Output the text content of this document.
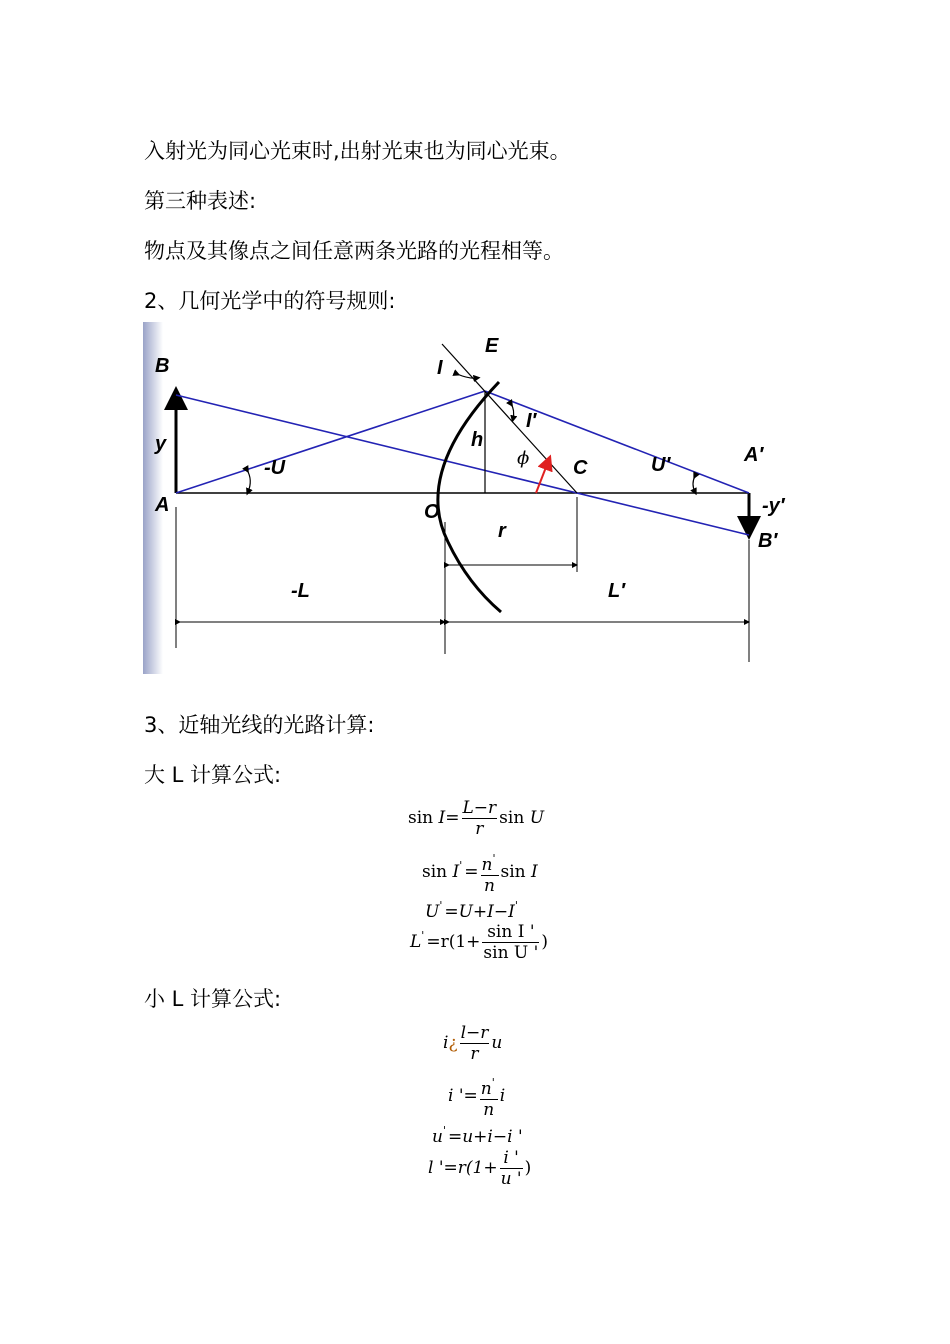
入射光为同心光束时,出射光束也为同心光束。
第三种表述:
物点及其像点之间任意两条光路的光程相等。
2、几何光学中的符号规则:
B
y
A
-U
E
I
I′
h
ϕ C	U′	A′
-y′
B′
O
r
-L	L′
3、近轴光线的光路计算:
大 L 计算公式:
$\sin I= \frac{L-r}{r}$ sin U
$\sin I' = \frac{n'}{n}$ sin I
U' =U+I−I'
$L' =r(1+ \frac{\text{sin I '}}{\text{sin U '}}$ )
小 L 计算公式:
i¿ $\frac{l-r}{r}$ u
i '= $\frac{n'}{n}$ i
u' =u+i−i '
l '$=r(1+ \frac{i '}{u '}$ )
